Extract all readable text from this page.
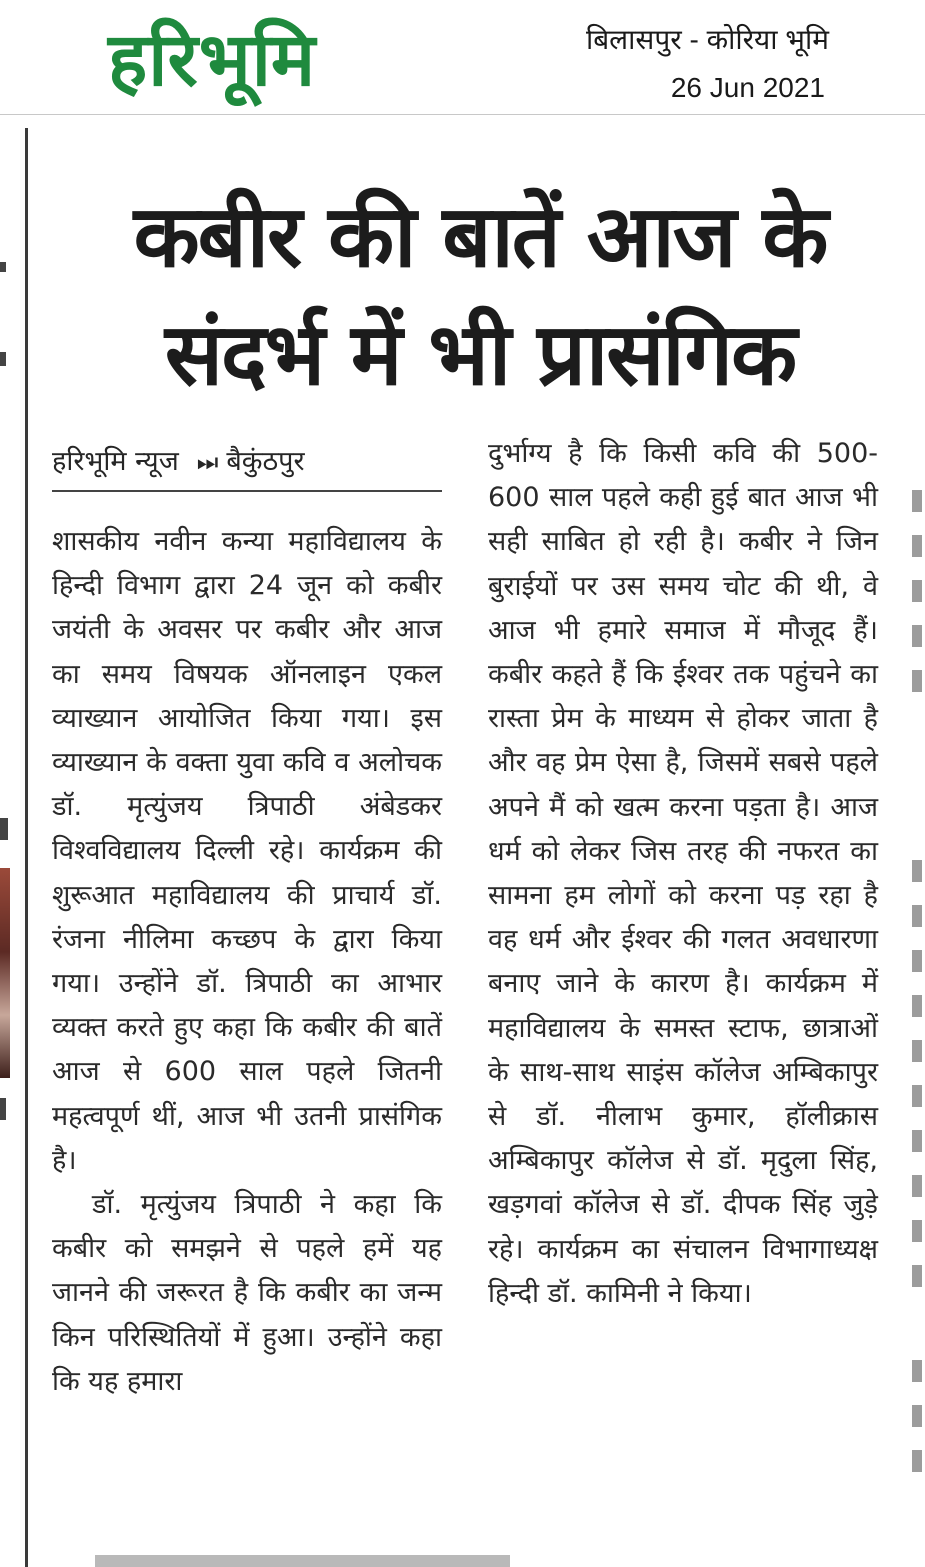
हरिभूमि	बिलासपुर - कोरिया भूमि
26 Jun 2021
कबीर की बातें आज के
संदर्भ में भी प्रासंगिक
हरिभूमि न्यूज ⏭ बैकुंठपुर

शासकीय नवीन कन्या महाविद्यालय के हिन्दी विभाग द्वारा 24 जून को कबीर जयंती के अवसर पर कबीर और आज का समय विषयक ऑनलाइन एकल व्याख्यान आयोजित किया गया। इस व्याख्यान के वक्ता युवा कवि व अलोचक डॉ. मृत्युंजय त्रिपाठी अंबेडकर विश्वविद्यालय दिल्ली रहे। कार्यक्रम की शुरूआत महाविद्यालय की प्राचार्य डॉ. रंजना नीलिमा कच्छप के द्वारा किया गया। उन्होंने डॉ. त्रिपाठी का आभार व्यक्त करते हुए कहा कि कबीर की बातें आज से 600 साल पहले जितनी महत्वपूर्ण थीं, आज भी उतनी प्रासंगिक है।

डॉ. मृत्युंजय त्रिपाठी ने कहा कि कबीर को समझने से पहले हमें यह जानने की जरूरत है कि कबीर का जन्म किन परिस्थितियों में हुआ। उन्होंने कहा कि यह हमारा

दुर्भाग्य है कि किसी कवि की 500-600 साल पहले कही हुई बात आज भी सही साबित हो रही है। कबीर ने जिन बुराईयों पर उस समय चोट की थी, वे आज भी हमारे समाज में मौजूद हैं। कबीर कहते हैं कि ईश्वर तक पहुंचने का रास्ता प्रेम के माध्यम से होकर जाता है और वह प्रेम ऐसा है, जिसमें सबसे पहले अपने मैं को खत्म करना पड़ता है। आज धर्म को लेकर जिस तरह की नफरत का सामना हम लोगों को करना पड़ रहा है वह धर्म और ईश्वर की गलत अवधारणा बनाए जाने के कारण है। कार्यक्रम में महाविद्यालय के समस्त स्टाफ, छात्राओं के साथ-साथ साइंस कॉलेज अम्बिकापुर से डॉ. नीलाभ कुमार, हॉलीक्रास अम्बिकापुर कॉलेज से डॉ. मृदुला सिंह, खड़गवां कॉलेज से डॉ. दीपक सिंह जुड़े रहे। कार्यक्रम का संचालन विभागाध्यक्ष हिन्दी डॉ. कामिनी ने किया।
